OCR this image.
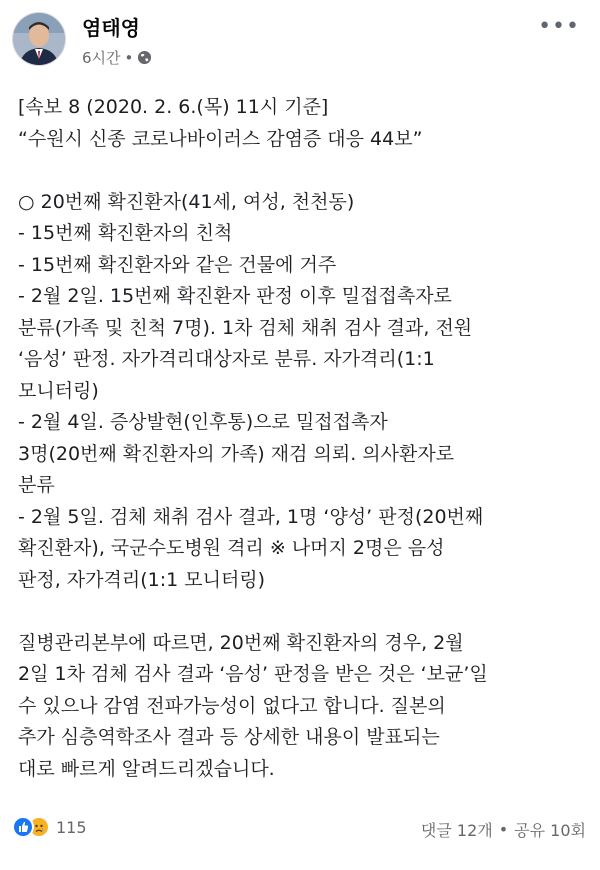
염태영
6시간 •
•••
[속보 8 (2020. 2. 6.(목) 11시 기준]
“수원시 신종 코로나바이러스 감염증 대응 44보”
○ 20번째 확진환자(41세, 여성, 천천동)
- 15번째 확진환자의 친척
- 15번째 확진환자와 같은 건물에 거주
- 2월 2일. 15번째 확진환자 판정 이후 밀접접촉자로
분류(가족 및 친척 7명). 1차 검체 채취 검사 결과, 전원
‘음성’ 판정. 자가격리대상자로 분류. 자가격리(1:1
모니터링)
- 2월 4일. 증상발현(인후통)으로 밀접접촉자
3명(20번째 확진환자의 가족) 재검 의뢰. 의사환자로
분류
- 2월 5일. 검체 채취 검사 결과, 1명 ‘양성’ 판정(20번째
확진환자), 국군수도병원 격리 ※ 나머지 2명은 음성
판정, 자가격리(1:1 모니터링)
질병관리본부에 따르면, 20번째 확진환자의 경우, 2월
2일 1차 검체 검사 결과 ‘음성’ 판정을 받은 것은 ‘보균’일
수 있으나 감염 전파가능성이 없다고 합니다. 질본의
추가 심층역학조사 결과 등 상세한 내용이 발표되는
대로 빠르게 알려드리겠습니다.
115	댓글 12개 • 공유 10회
